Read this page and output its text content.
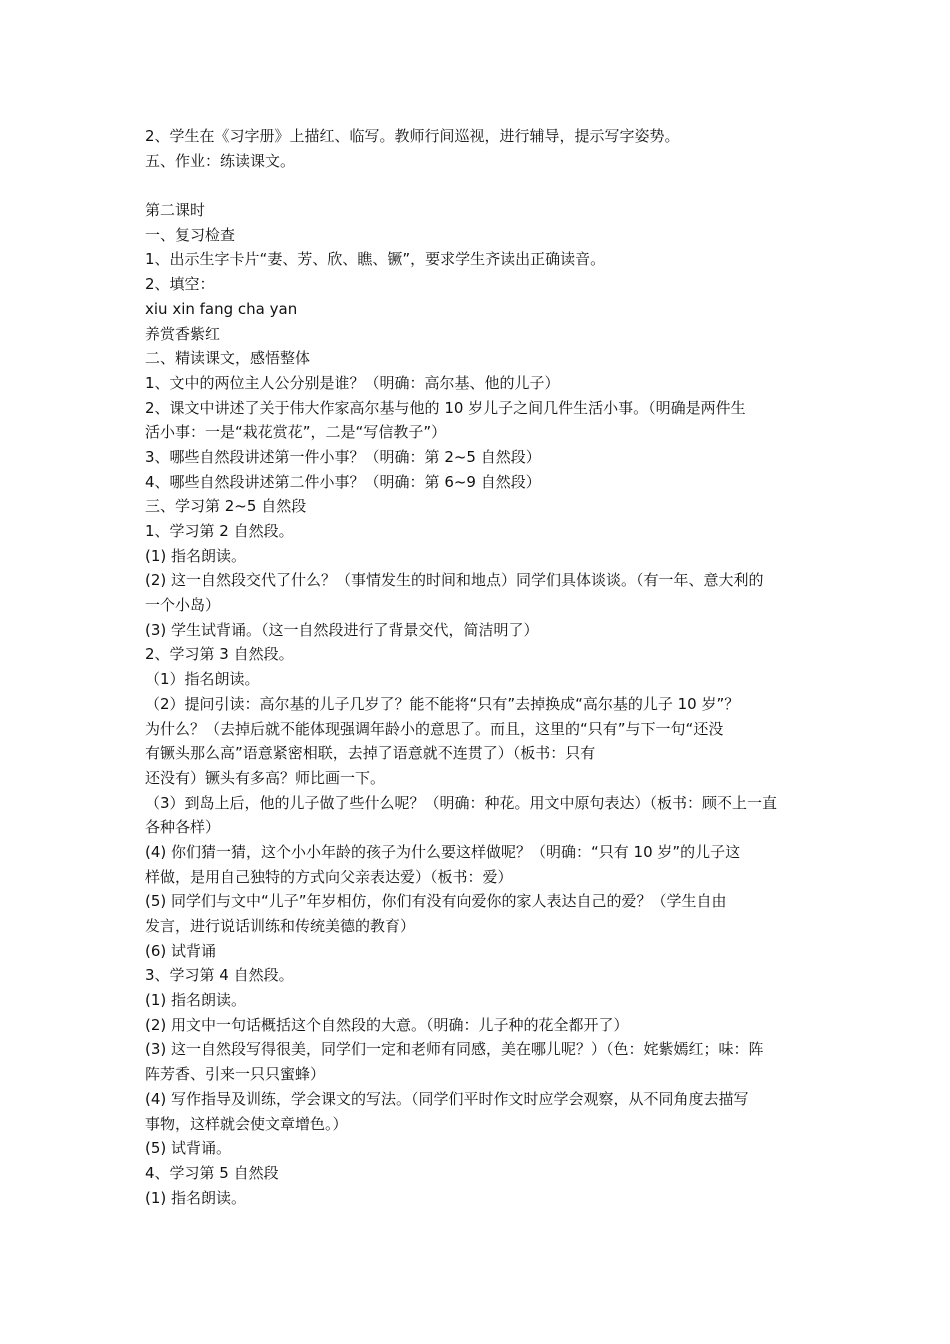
2、学生在《习字册》上描红、临写。教师行间巡视，进行辅导，提示写字姿势。
五、作业：练读课文。
第二课时
一、复习检查
1、出示生字卡片“妻、芳、欣、瞧、镢”，要求学生齐读出正确读音。
2、填空：
xiu xin fang cha yan
养赏香紫红
二、精读课文，感悟整体
1、文中的两位主人公分别是谁？（明确：高尔基、他的儿子）
2、课文中讲述了关于伟大作家高尔基与他的 10 岁儿子之间几件生活小事。（明确是两件生
活小事：一是“栽花赏花”，二是“写信教子”）
3、哪些自然段讲述第一件小事？（明确：第 2~5 自然段）
4、哪些自然段讲述第二件小事？（明确：第 6~9 自然段）
三、学习第 2~5 自然段
1、学习第 2 自然段。
(1) 指名朗读。
(2) 这一自然段交代了什么？（事情发生的时间和地点）同学们具体谈谈。（有一年、意大利的
一个小岛）
(3) 学生试背诵。（这一自然段进行了背景交代，简洁明了）
2、学习第 3 自然段。
（1）指名朗读。
（2）提问引读：高尔基的儿子几岁了？能不能将“只有”去掉换成“高尔基的儿子 10 岁”？
为什么？（去掉后就不能体现强调年龄小的意思了。而且，这里的“只有”与下一句“还没
有镢头那么高”语意紧密相联，去掉了语意就不连贯了）（板书：只有
还没有）镢头有多高？师比画一下。
（3）到岛上后，他的儿子做了些什么呢？（明确：种花。用文中原句表达）（板书：顾不上一直
各种各样）
(4) 你们猜一猜，这个小小年龄的孩子为什么要这样做呢？（明确：“只有 10 岁”的儿子这
样做，是用自己独特的方式向父亲表达爱）（板书：爱）
(5) 同学们与文中“儿子”年岁相仿，你们有没有向爱你的家人表达自己的爱？（学生自由
发言，进行说话训练和传统美德的教育）
(6) 试背诵
3、学习第 4 自然段。
(1) 指名朗读。
(2) 用文中一句话概括这个自然段的大意。（明确：儿子种的花全都开了）
(3) 这一自然段写得很美，同学们一定和老师有同感，美在哪儿呢？）（色：姹紫嫣红；味：阵
阵芳香、引来一只只蜜蜂）
(4) 写作指导及训练，学会课文的写法。（同学们平时作文时应学会观察，从不同角度去描写
事物，这样就会使文章增色。）
(5) 试背诵。
4、学习第 5 自然段
(1) 指名朗读。
